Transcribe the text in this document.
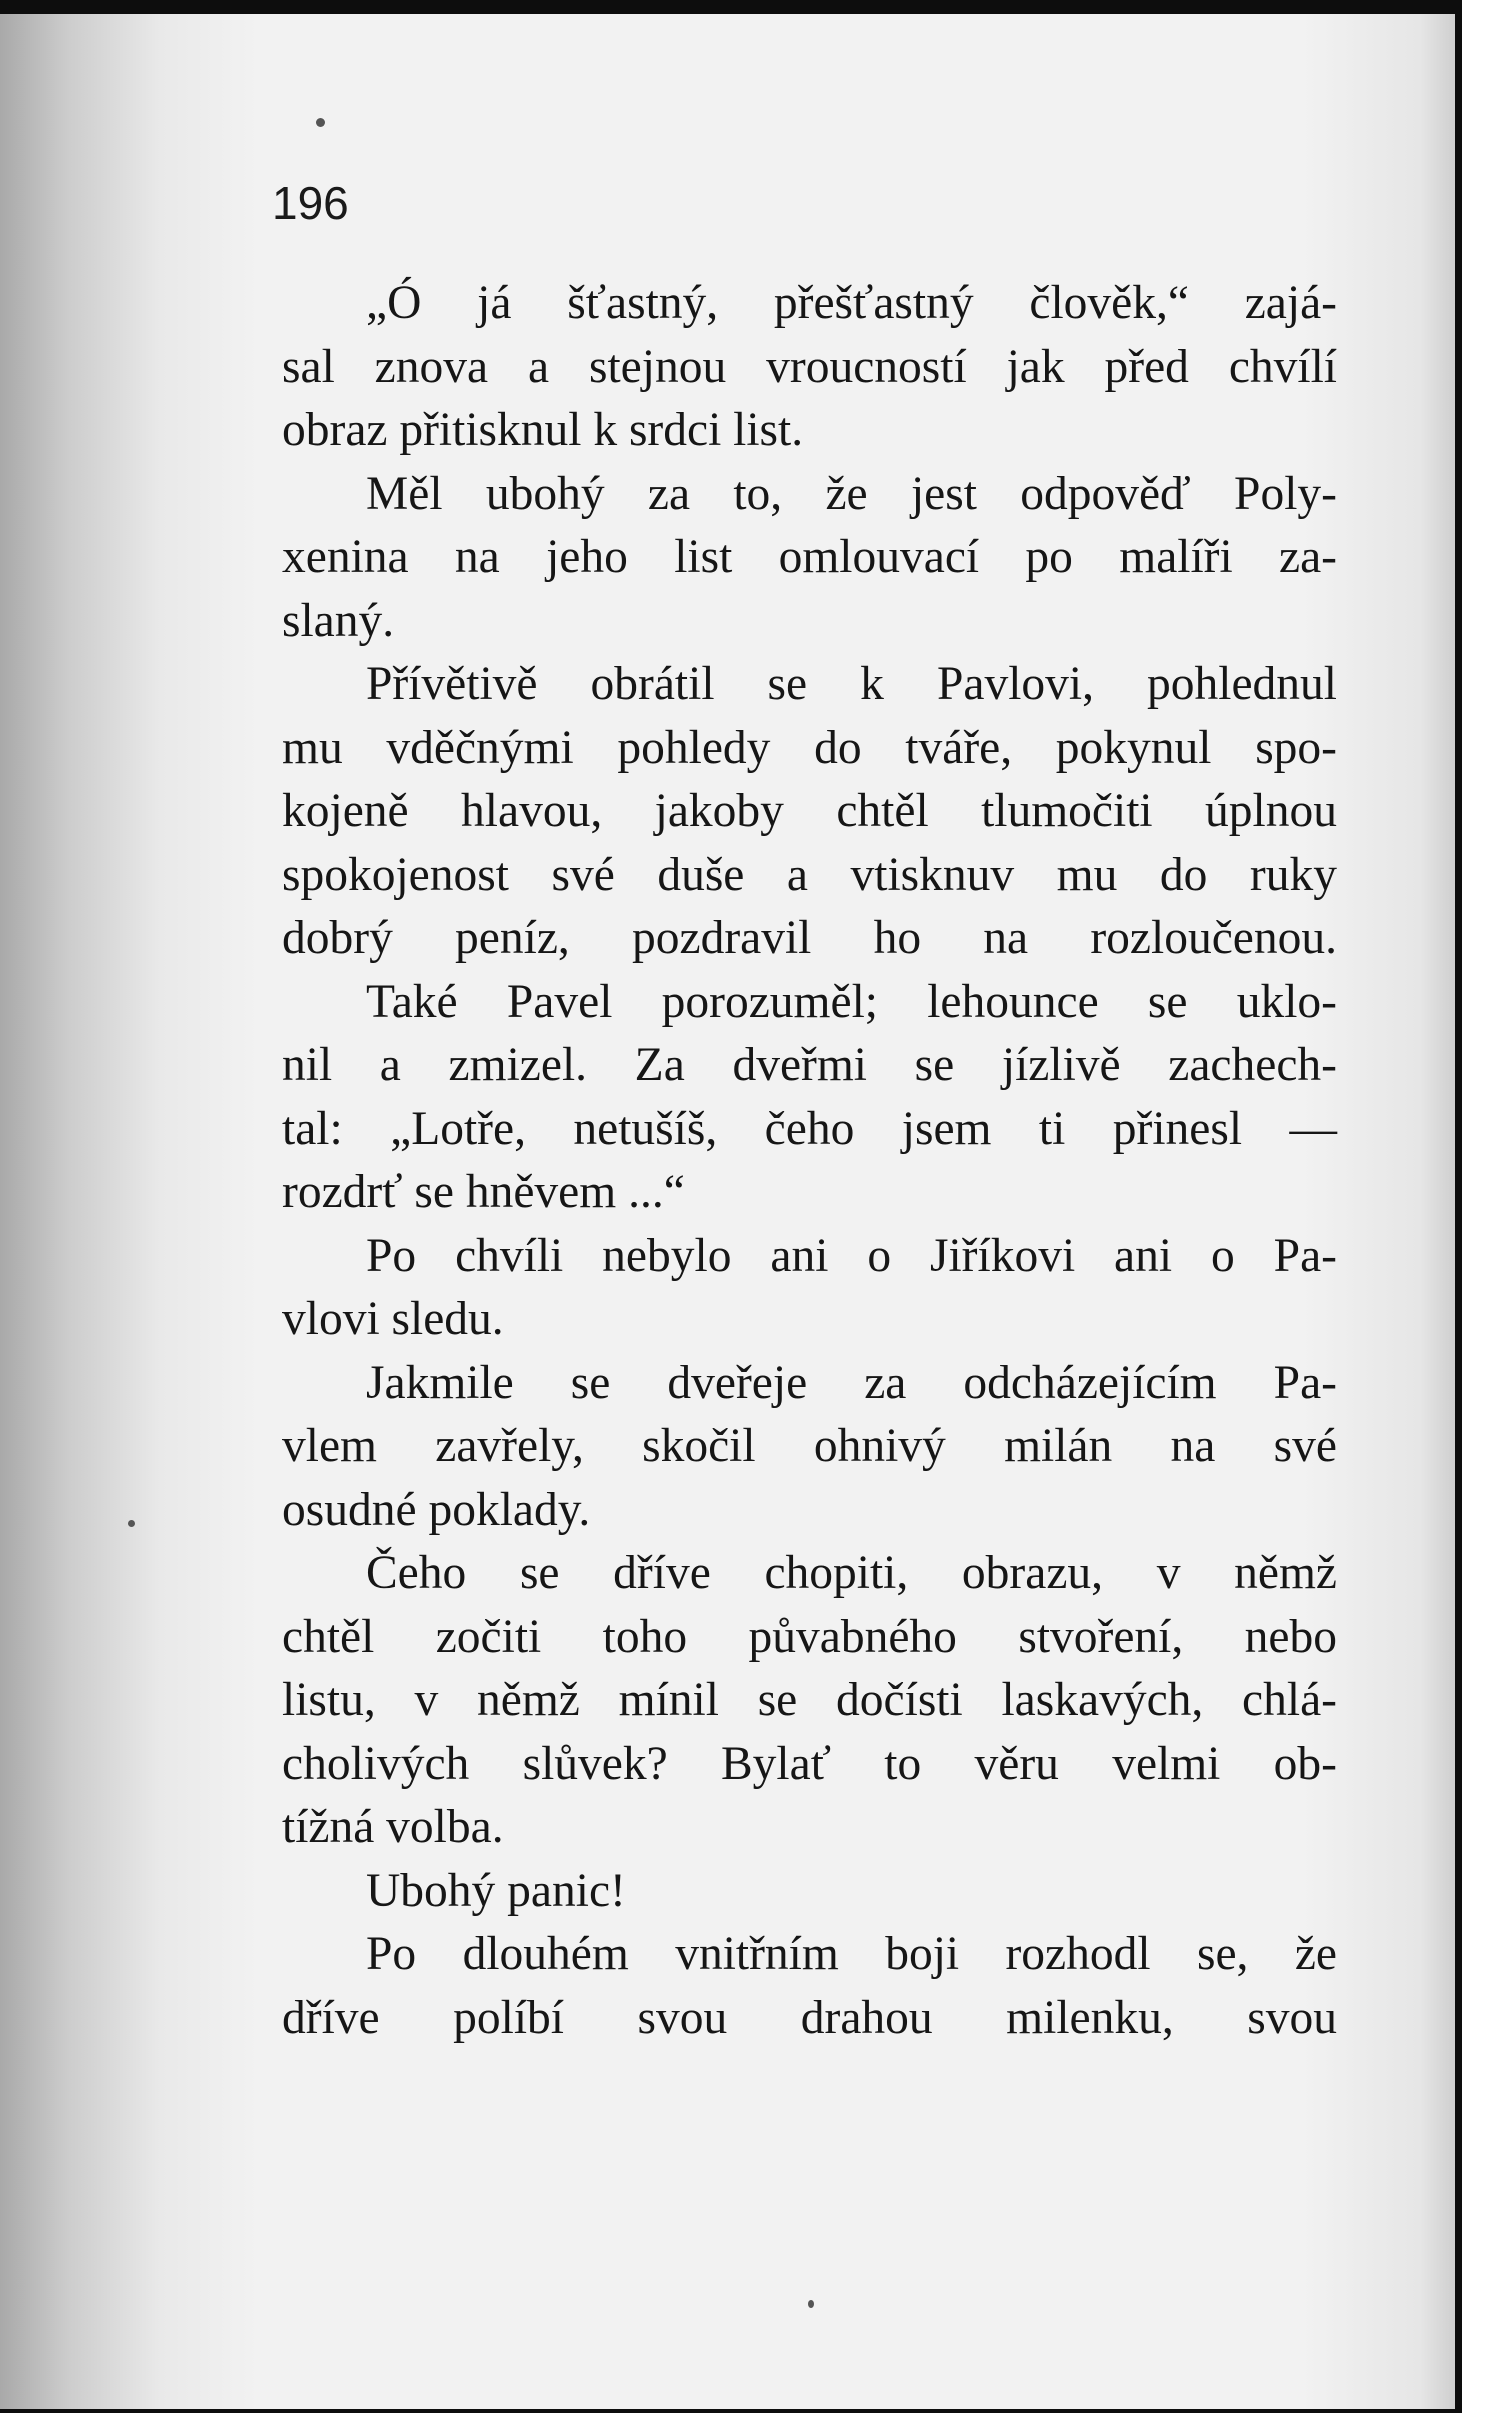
196
„Ó já šťastný, přešťastný člověk,“ zajá-
sal znova a stejnou vroucností jak před chvílí
obraz přitisknul k srdci list.
Měl ubohý za to, že jest odpověď Poly-
xenina na jeho list omlouvací po malíři za-
slaný.
Přívětivě obrátil se k Pavlovi, pohlednul
mu vděčnými pohledy do tváře, pokynul spo-
kojeně hlavou, jakoby chtěl tlumočiti úplnou
spokojenost své duše a vtisknuv mu do ruky
dobrý peníz, pozdravil ho na rozloučenou.
Také Pavel porozuměl; lehounce se uklo-
nil a zmizel. Za dveřmi se jízlivě zachech-
tal: „Lotře, netušíš, čeho jsem ti přinesl —
rozdrť se hněvem ...“
Po chvíli nebylo ani o Jiříkovi ani o Pa-
vlovi sledu.
Jakmile se dveřeje za odcházejícím Pa-
vlem zavřely, skočil ohnivý milán na své
osudné poklady.
Čeho se dříve chopiti, obrazu, v němž
chtěl zočiti toho půvabného stvoření, nebo
listu, v němž mínil se dočísti laskavých, chlá-
cholivých slůvek? Bylať to věru velmi ob-
tížná volba.
Ubohý panic!
Po dlouhém vnitřním boji rozhodl se, že
dříve políbí svou drahou milenku, svou
